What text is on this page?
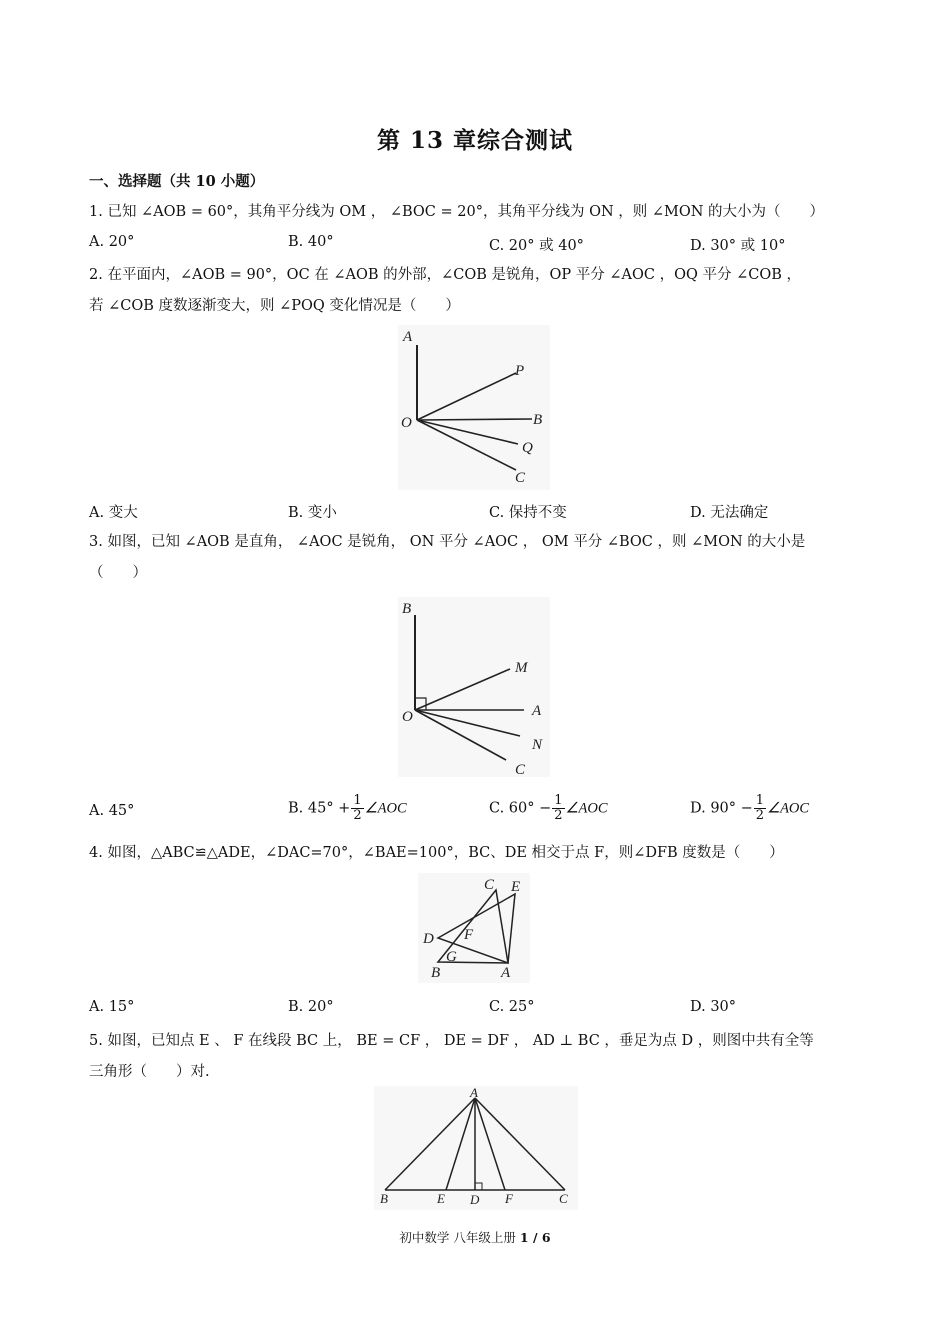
第 13 章综合测试
一、选择题（共 10 小题）
1. 已知 ∠AOB = 60°，其角平分线为 OM ， ∠BOC = 20°，其角平分线为 ON ，则 ∠MON 的大小为（　　）
A. 20°	B. 40°	C. 20° 或 40°	D. 30° 或 10°
2. 在平面内，∠AOB = 90°，OC 在 ∠AOB 的外部，∠COB 是锐角，OP 平分 ∠AOC ，OQ 平分 ∠COB ，
若 ∠COB 度数逐渐变大，则 ∠POQ 变化情况是（　　）
A
P
O	B
Q
C
A. 变大	B. 变小	C. 保持不变	D. 无法确定
3. 如图，已知 ∠AOB 是直角， ∠AOC 是锐角， ON 平分 ∠AOC ， OM 平分 ∠BOC ，则 ∠MON 的大小是
（　　）
B
M
O	A
N
C
A. 45°	B. $45^\circ + \frac{1}{2}$ ∠AOC	C. $60^\circ - \frac{1}{2}$ ∠AOC	D. $90^\circ - \frac{1}{2}$ ∠AOC
4. 如图，△ABC≌△ADE，∠DAC=70°，∠BAE=100°，BC、DE 相交于点 F，则∠DFB 度数是（　　）
C E
D F
G
B	A
A. 15°	B. 20°	C. 25°	D. 30°
5. 如图，已知点 E 、 F 在线段 BC 上， BE = CF ， DE = DF ， AD ⊥ BC ，垂足为点 D ，则图中共有全等
三角形（　　）对.
A
B	E D F	C
初中数学 八年级上册 1 / 6
